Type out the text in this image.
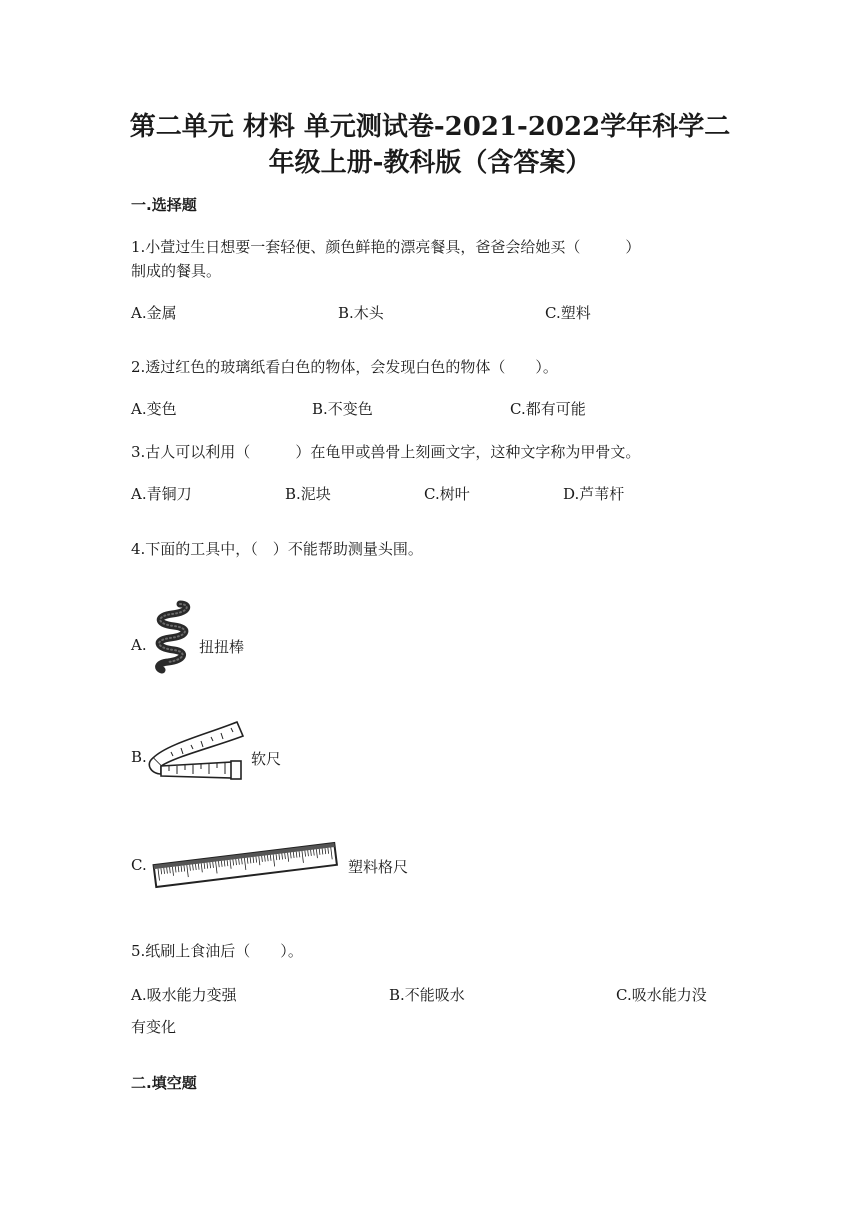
第二单元 材料 单元测试卷-2021-2022学年科学二
年级上册-教科版（含答案）
一.选择题
1.小萱过生日想要一套轻便、颜色鲜艳的漂亮餐具，爸爸会给她买（　　　）
制成的餐具。
A.金属	B.木头	C.塑料
2.透过红色的玻璃纸看白色的物体，会发现白色的物体（　　）。
A.变色	B.不变色	C.都有可能
3.古人可以利用（　　　）在龟甲或兽骨上刻画文字，这种文字称为甲骨文。
A.青铜刀	B.泥块	C.树叶	D.芦苇杆
4.下面的工具中，（　）不能帮助测量头围。
A.	扭扭棒
B.	软尺
C.	塑料格尺
5.纸刷上食油后（　　）。
A.吸水能力变强	B.不能吸水	C.吸水能力没
有变化
二.填空题
